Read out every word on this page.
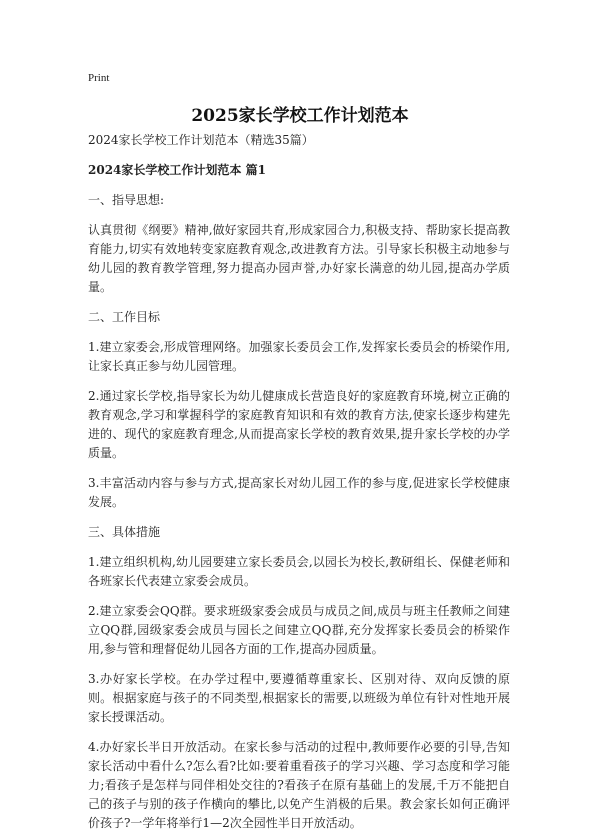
Print
2025家长学校工作计划范本

2024家长学校工作计划范本（精选35篇）

2024家长学校工作计划范本 篇1

一、指导思想:

认真贯彻《纲要》精神,做好家园共育,形成家园合力,积极支持、帮助家长提高教育能力,切实有效地转变家庭教育观念,改进教育方法。引导家长积极主动地参与幼儿园的教育教学管理,努力提高办园声誉,办好家长满意的幼儿园,提高办学质量。

二、工作目标

1.建立家委会,形成管理网络。加强家长委员会工作,发挥家长委员会的桥梁作用,让家长真正参与幼儿园管理。

2.通过家长学校,指导家长为幼儿健康成长营造良好的家庭教育环境,树立正确的教育观念,学习和掌握科学的家庭教育知识和有效的教育方法,使家长逐步构建先进的、现代的家庭教育理念,从而提高家长学校的教育效果,提升家长学校的办学质量。

3.丰富活动内容与参与方式,提高家长对幼儿园工作的参与度,促进家长学校健康发展。

三、具体措施

1.建立组织机构,幼儿园要建立家长委员会,以园长为校长,教研组长、保健老师和各班家长代表建立家委会成员。

2.建立家委会QQ群。要求班级家委会成员与成员之间,成员与班主任教师之间建立QQ群,园级家委会成员与园长之间建立QQ群,充分发挥家长委员会的桥梁作用,参与管和理督促幼儿园各方面的工作,提高办园质量。

3.办好家长学校。在办学过程中,要遵循尊重家长、区别对待、双向反馈的原则。根据家庭与孩子的不同类型,根据家长的需要,以班级为单位有针对性地开展家长授课活动。

4.办好家长半日开放活动。在家长参与活动的过程中,教师要作必要的引导,告知家长活动中看什么?怎么看?比如:要着重看孩子的学习兴趣、学习态度和学习能力;看孩子是怎样与同伴相处交往的?看孩子在原有基础上的发展,千万不能把自己的孩子与别的孩子作横向的攀比,以免产生消极的后果。教会家长如何正确评价孩子?一学年将举行1—2次全园性半日开放活动。
